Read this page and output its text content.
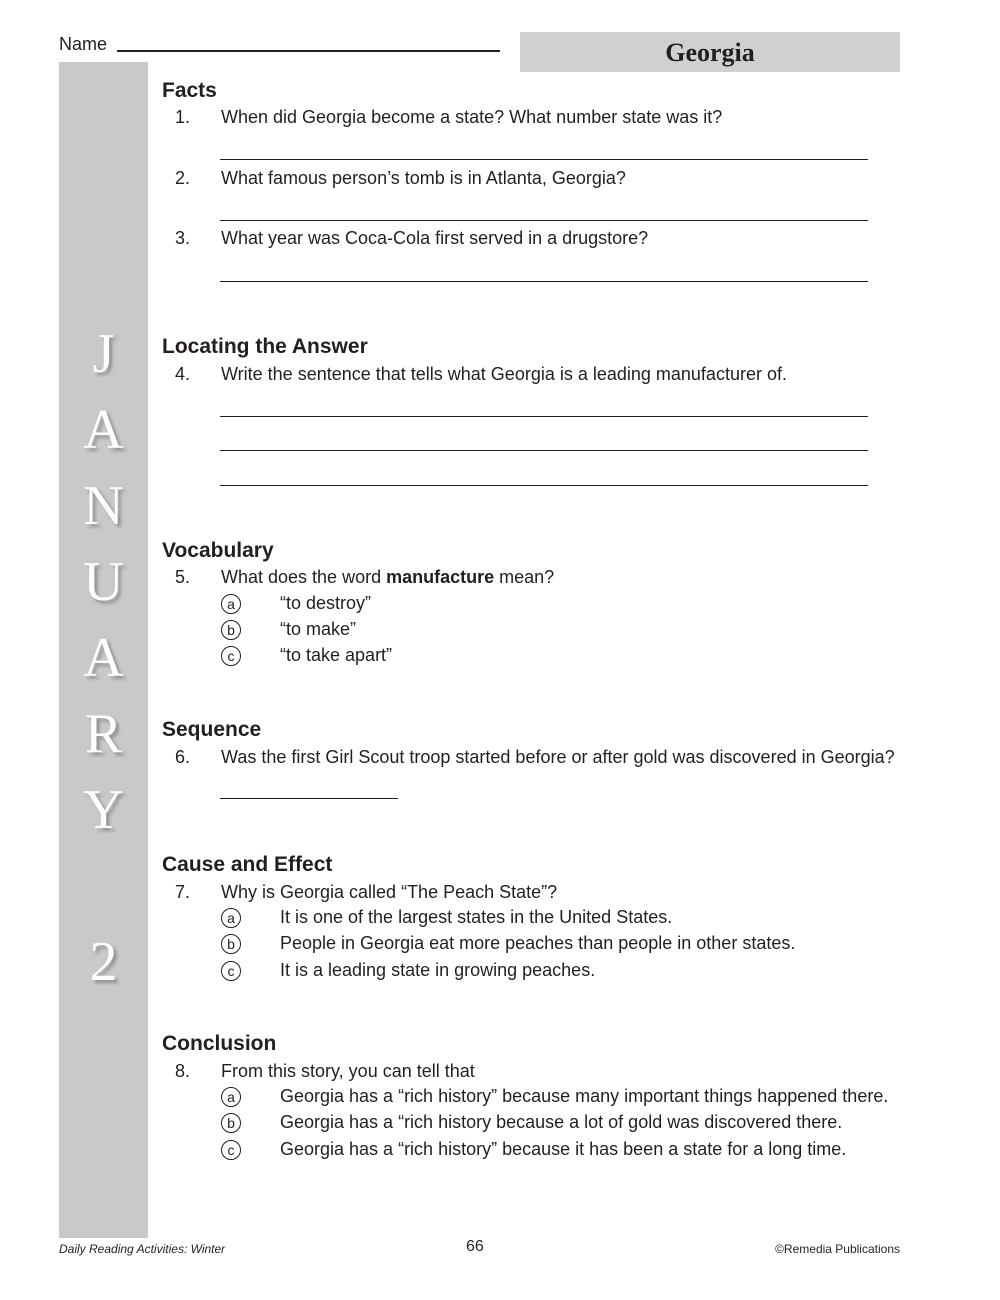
Name	Georgia
J
A
N
U
A
R
Y
2
Facts
1. When did Georgia become a state? What number state was it?
2. What famous person’s tomb is in Atlanta, Georgia?
3. What year was Coca-Cola first served in a drugstore?
Locating the Answer
4. Write the sentence that tells what Georgia is a leading manufacturer of.
Vocabulary
5. What does the word manufacture mean?
a	“to destroy”
b	“to make”
c	“to take apart”
Sequence
6. Was the first Girl Scout troop started before or after gold was discovered in Georgia?
Cause and Effect
7. Why is Georgia called “The Peach State”?
a	It is one of the largest states in the United States.
b	People in Georgia eat more peaches than people in other states.
c	It is a leading state in growing peaches.
Conclusion
8. From this story, you can tell that
a	Georgia has a “rich history” because many important things happened there.
b	Georgia has a “rich history because a lot of gold was discovered there.
c	Georgia has a “rich history” because it has been a state for a long time.
Daily Reading Activities: Winter	66	©Remedia Publications
